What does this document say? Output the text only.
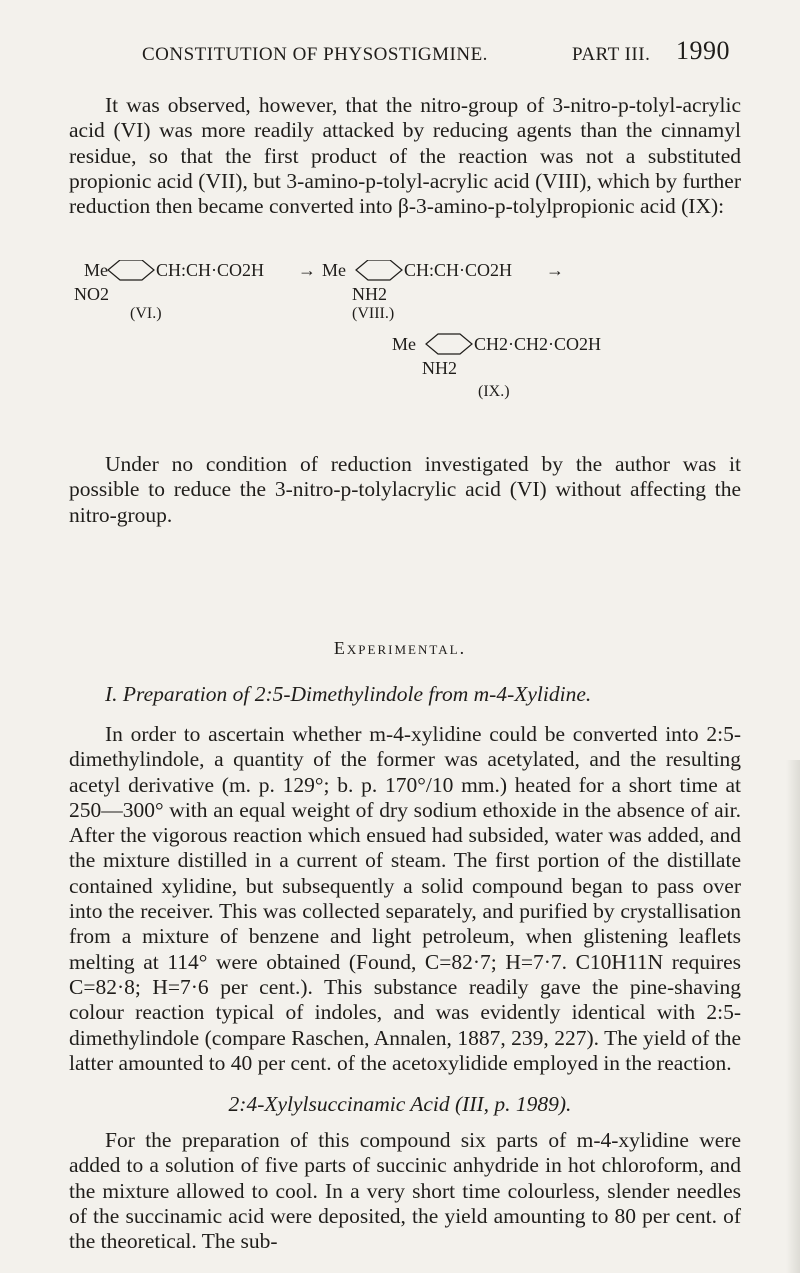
CONSTITUTION OF PHYSOSTIGMINE.	PART III. 1990

It was observed, however, that the nitro-group of 3-nitro-p-tolyl-acrylic acid (VI) was more readily attacked by reducing agents than the cinnamyl residue, so that the first product of the reaction was not a substituted propionic acid (VII), but 3-amino-p-tolyl-acrylic acid (VIII), which by further reduction then became converted into β-3-amino-p-tolylpropionic acid (IX):

Me	CH:CH·CO2H
NO2
(VI.)
→ Me	CH:CH·CO2H
NH2
(VIII.)
→
Me	CH2·CH2·CO2H
NH2
(IX.)

Under no condition of reduction investigated by the author was it possible to reduce the 3-nitro-p-tolylacrylic acid (VI) without affecting the nitro-group.

Experimental.
I. Preparation of 2:5-Dimethylindole from m-4-Xylidine.

In order to ascertain whether m-4-xylidine could be converted into 2:5-dimethylindole, a quantity of the former was acetylated, and the resulting acetyl derivative (m. p. 129°; b. p. 170°/10 mm.) heated for a short time at 250—300° with an equal weight of dry sodium ethoxide in the absence of air. After the vigorous reaction which ensued had subsided, water was added, and the mixture distilled in a current of steam. The first portion of the distillate contained xylidine, but subsequently a solid compound began to pass over into the receiver. This was collected separately, and purified by crystallisation from a mixture of benzene and light petroleum, when glistening leaflets melting at 114° were obtained (Found, C=82·7; H=7·7. C10H11N requires C=82·8; H=7·6 per cent.). This substance readily gave the pine-shaving colour reaction typical of indoles, and was evidently identical with 2:5-dimethylindole (compare Raschen, Annalen, 1887, 239, 227). The yield of the latter amounted to 40 per cent. of the acetoxylidide employed in the reaction.

2:4-Xylylsuccinamic Acid (III, p. 1989).

For the preparation of this compound six parts of m-4-xylidine were added to a solution of five parts of succinic anhydride in hot chloroform, and the mixture allowed to cool. In a very short time colourless, slender needles of the succinamic acid were deposited, the yield amounting to 80 per cent. of the theoretical. The sub-
